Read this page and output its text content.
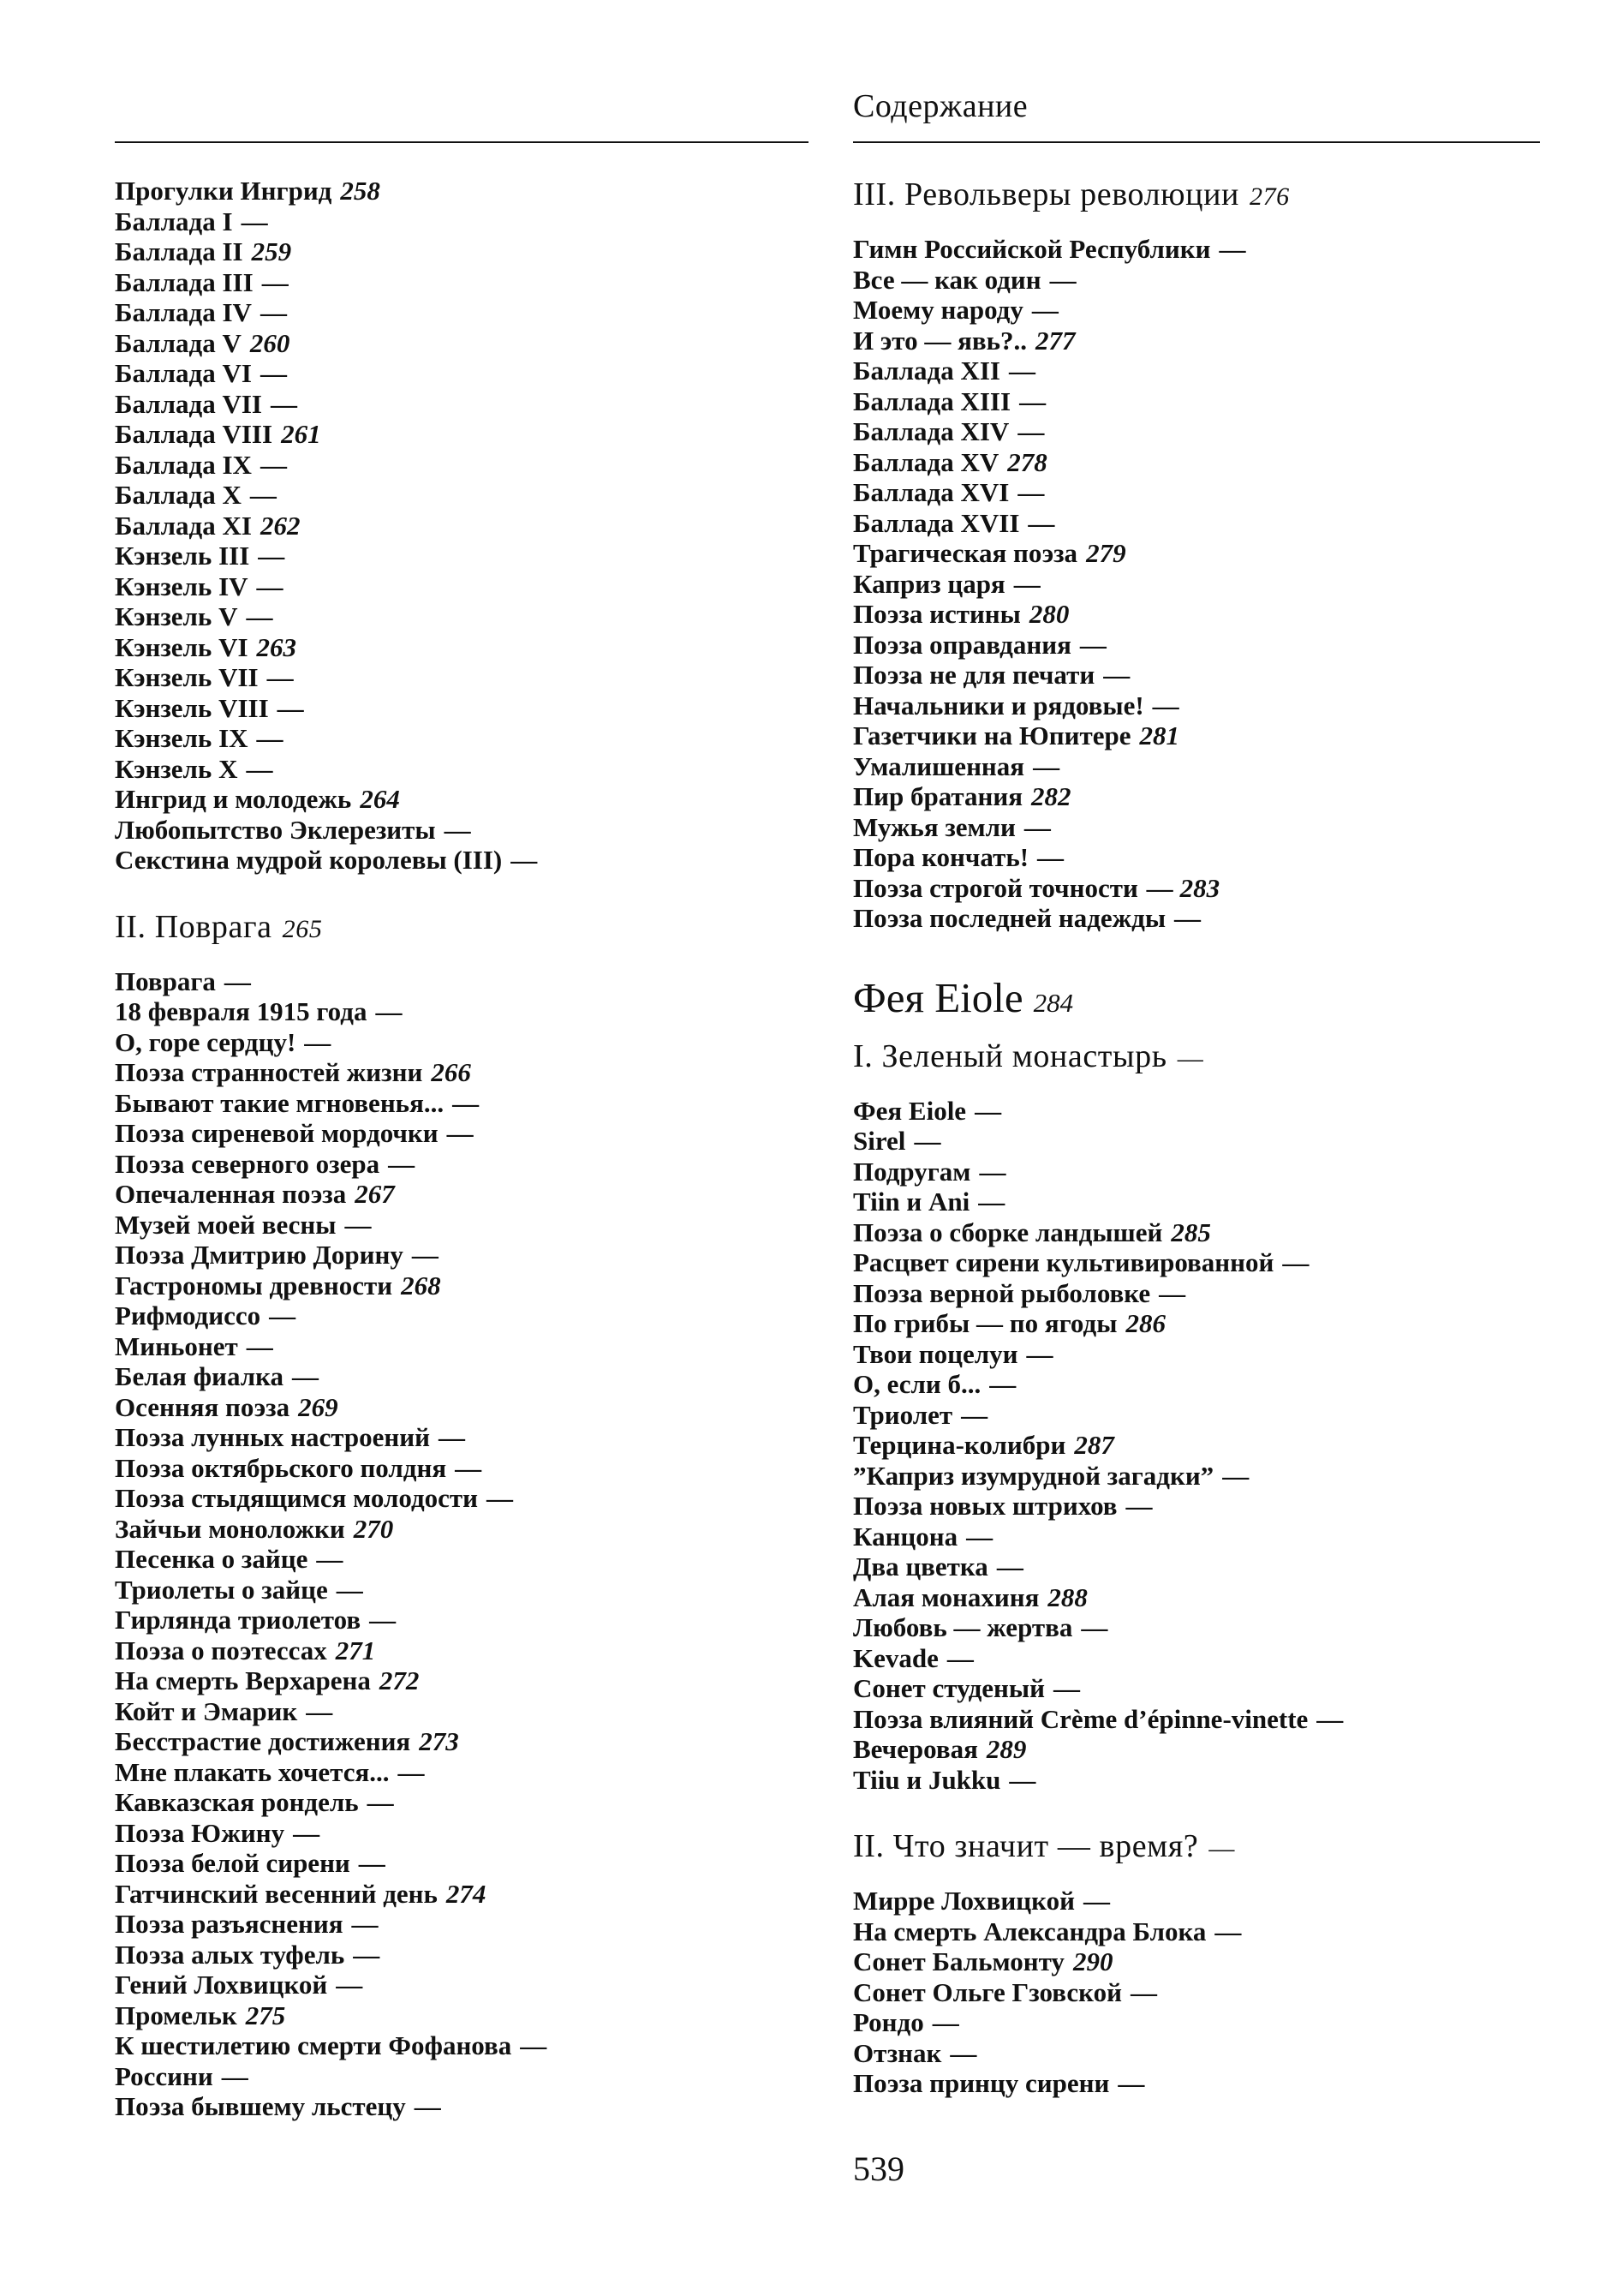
Содержание
Прогулки Ингрид 258
Баллада I —
Баллада II 259
Баллада III —
Баллада IV —
Баллада V 260
Баллада VI —
Баллада VII —
Баллада VIII 261
Баллада IX —
Баллада X —
Баллада XI 262
Кэнзель III —
Кэнзель IV —
Кэнзель V —
Кэнзель VI 263
Кэнзель VII —
Кэнзель VIII —
Кэнзель IX —
Кэнзель X —
Ингрид и молодежь 264
Любопытство Эклерезиты —
Секстина мудрой королевы (III) —
II. Поврага 265
Поврага —
18 февраля 1915 года —
О, горе сердцу! —
Поэза странностей жизни 266
Бывают такие мгновенья... —
Поэза сиреневой мордочки —
Поэза северного озера —
Опечаленная поэза 267
Музей моей весны —
Поэза Дмитрию Дорину —
Гастрономы древности 268
Рифмодиссо —
Миньонет —
Белая фиалка —
Осенняя поэза 269
Поэза лунных настроений —
Поэза октябрьского полдня —
Поэза стыдящимся молодости —
Зайчьи моноложки 270
Песенка о зайце —
Триолеты о зайце —
Гирлянда триолетов —
Поэза о поэтессах 271
На смерть Верхарена 272
Койт и Эмарик —
Бесстрастие достижения 273
Мне плакать хочется... —
Кавказская рондель —
Поэза Южину —
Поэза белой сирени —
Гатчинский весенний день 274
Поэза разъяснения —
Поэза алых туфель —
Гений Лохвицкой —
Промельк 275
К шестилетию смерти Фофанова —
Россини —
Поэза бывшему льстецу —
III. Револьверы революции 276
Гимн Российской Республики —
Все — как один —
Моему народу —
И это — явь?.. 277
Баллада XII —
Баллада XIII —
Баллада XIV —
Баллада XV 278
Баллада XVI —
Баллада XVII —
Трагическая поэза 279
Каприз царя —
Поэза истины 280
Поэза оправдания —
Поэза не для печати —
Начальники и рядовые! —
Газетчики на Юпитере 281
Умалишенная —
Пир братания 282
Мужья земли —
Пора кончать! —
Поэза строгой точности — 283
Поэза последней надежды —
Фея Eiole 284
I. Зеленый монастырь —
Фея Eiole —
Sirel —
Подругам —
Tiin и Ani —
Поэза о сборке ландышей 285
Расцвет сирени культивированной —
Поэза верной рыболовке —
По грибы — по ягоды 286
Твои поцелуи —
О, если б... —
Триолет —
Терцина-колибри 287
”Каприз изумрудной загадки” —
Поэза новых штрихов —
Канцона —
Два цветка —
Алая монахиня 288
Любовь — жертва —
Kevade —
Сонет студеный —
Поэза влияний Crème d’épinne-vinette —
Вечеровая 289
Tiiu и Jukku —
II. Что значит — время? —
Мирре Лохвицкой —
На смерть Александра Блока —
Сонет Бальмонту 290
Сонет Ольге Гзовской —
Рондо —
Отзнак —
Поэза принцу сирени —
539
